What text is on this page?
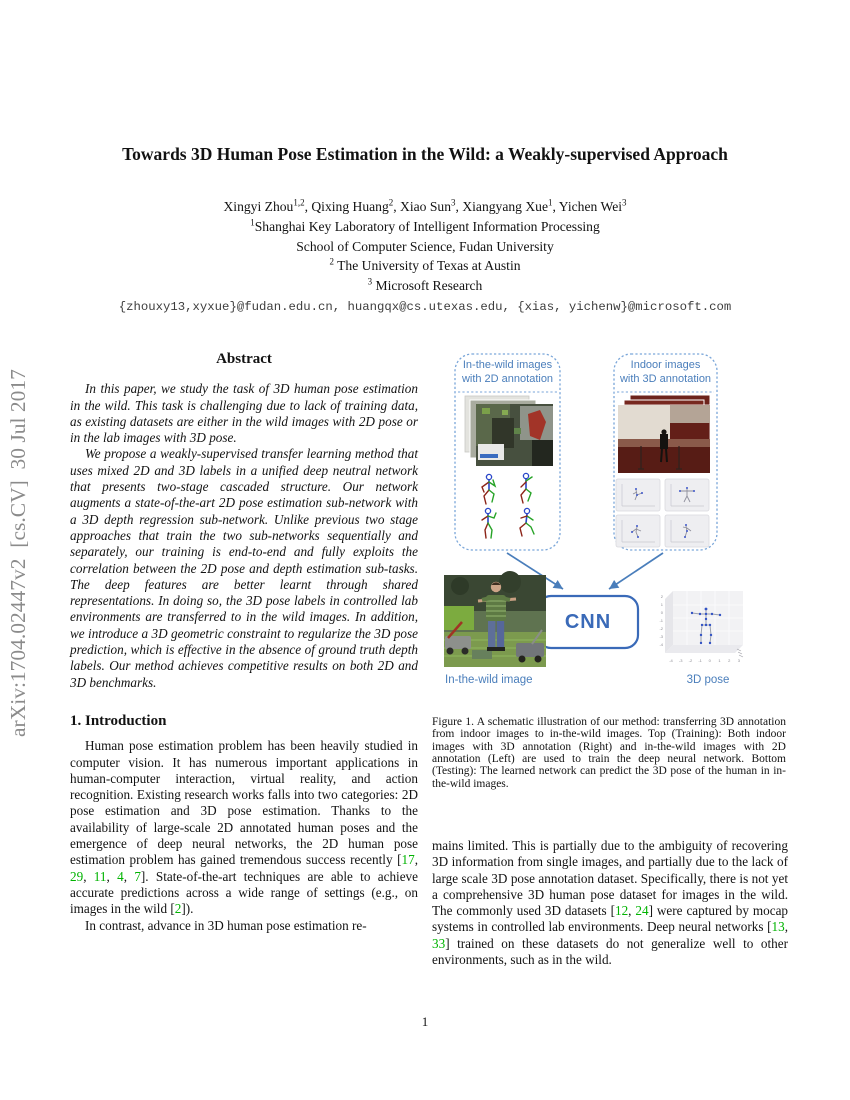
arXiv:1704.02447v2  [cs.CV]  30 Jul 2017
Towards 3D Human Pose Estimation in the Wild: a Weakly-supervised Approach
Xingyi Zhou$^{1,2}$, Qixing Huang$^2$, Xiao Sun$^3$, Xiangyang Xue$^1$, Yichen Wei$^3$
$^1$Shanghai Key Laboratory of Intelligent Information Processing
School of Computer Science, Fudan University
$^2$ The University of Texas at Austin
$^3$ Microsoft Research
{zhouxy13,xyxue}@fudan.edu.cn, huangqx@cs.utexas.edu, {xias, yichenw}@microsoft.com
Abstract

In this paper, we study the task of 3D human pose estimation in the wild. This task is challenging due to lack of training data, as existing datasets are either in the wild images with 2D pose or in the lab images with 3D pose.

We propose a weakly-supervised transfer learning method that uses mixed 2D and 3D labels in a unified deep neutral network that presents two-stage cascaded structure. Our network augments a state-of-the-art 2D pose estimation sub-network with a 3D depth regression sub-network. Unlike previous two stage approaches that train the two sub-networks sequentially and separately, our training is end-to-end and fully exploits the correlation between the 2D pose and depth estimation sub-tasks. The deep features are better learnt through shared representations. In doing so, the 3D pose labels in controlled lab environments are transferred to in the wild images. In addition, we introduce a 3D geometric constraint to regularize the 3D pose prediction, which is effective in the absence of ground truth depth labels. Our method achieves competitive results on both 2D and 3D benchmarks.

1. Introduction

Human pose estimation problem has been heavily studied in computer vision. It has numerous important applications in human-computer interaction, virtual reality, and action recognition. Existing research works falls into two categories: 2D pose estimation and 3D pose estimation. Thanks to the availability of large-scale 2D annotated human poses and the emergence of deep neural networks, the 2D human pose estimation problem has gained tremendous success recently [17, 29, 11, 4, 7]. State-of-the-art techniques are able to achieve accurate predictions across a wide range of settings (e.g., on images in the wild [2]).

In contrast, advance in 3D human pose estimation re-

2
1
0
-1
-2
-3
-4
-4 -3 -2 -1 0 1 2 3
In-the-wild images
with 2D annotation
Indoor images
with 3D annotation
CNN
In-the-wild image	3D pose
Figure 1. A schematic illustration of our method: transferring 3D annotation from indoor images to in-the-wild images. Top (Training): Both indoor images with 3D annotation (Right) and in-the-wild images with 2D annotation (Left) are used to train the deep neural network. Bottom (Testing): The learned network can predict the 3D pose of the human in in-the-wild images.

mains limited. This is partially due to the ambiguity of recovering 3D information from single images, and partially due to the lack of large scale 3D pose annotation dataset. Specifically, there is not yet a comprehensive 3D human pose dataset for images in the wild. The commonly used 3D datasets [12, 24] were captured by mocap systems in controlled lab environments. Deep neural networks [13, 33] trained on these datasets do not generalize well to other environments, such as in the wild.

1
